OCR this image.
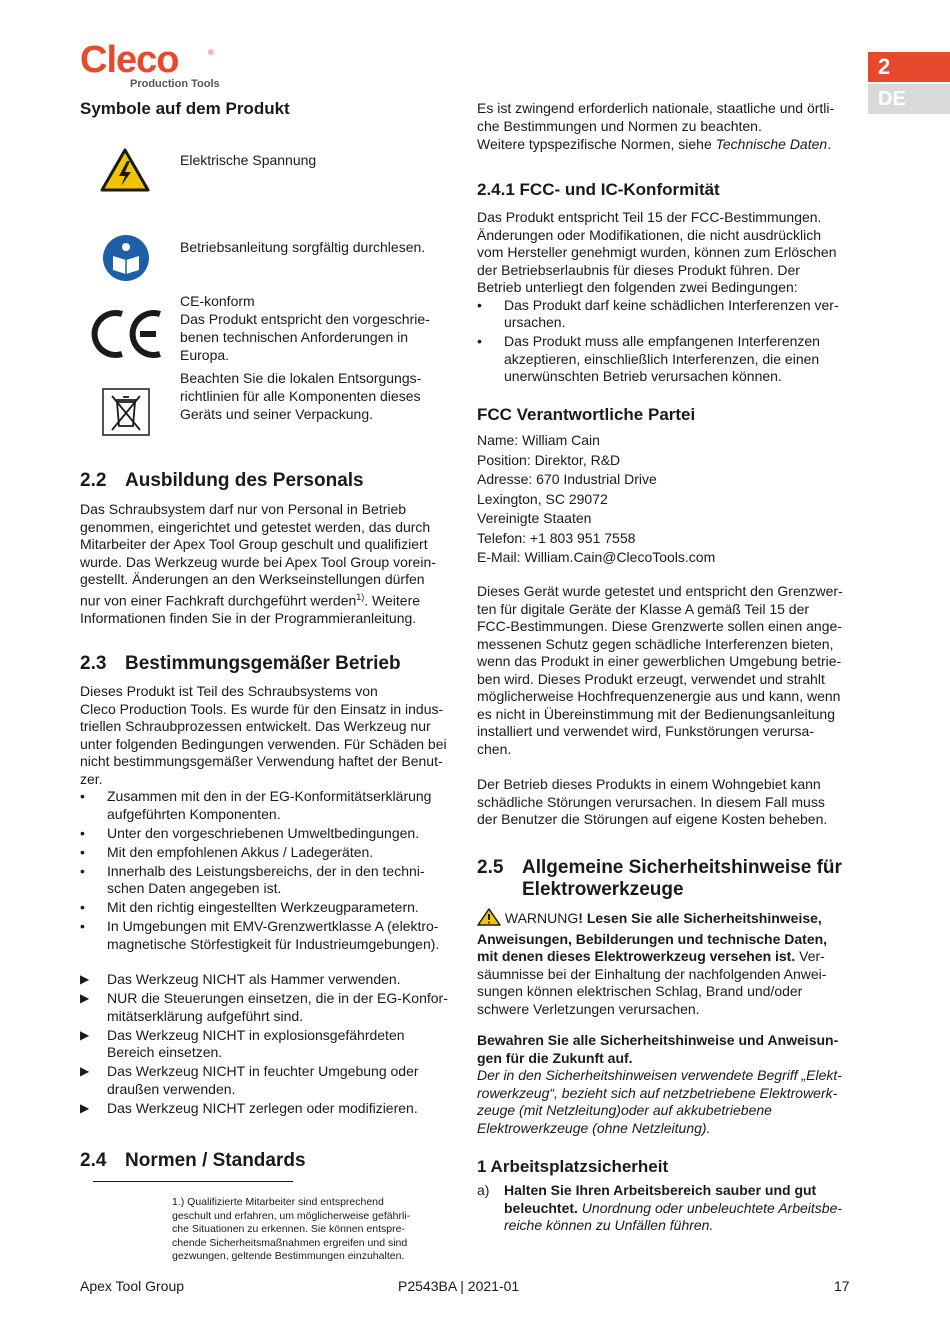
Cleco	®
Production Tools
2
DE
Symbole auf dem Produkt
Elektrische Spannung
Betriebsanleitung sorgfältig durchlesen.

CE-konform

Das Produkt entspricht den vorgeschrie-

benen technischen Anforderungen in

Europa.

Beachten Sie die lokalen Entsorgungs-

richtlinien für alle Komponenten dieses

Geräts und seiner Verpackung.

2.2 Ausbildung des Personals

Das Schraubsystem darf nur von Personal in Betrieb

genommen, eingerichtet und getestet werden, das durch

Mitarbeiter der Apex Tool Group geschult und qualifiziert

wurde. Das Werkzeug wurde bei Apex Tool Group vorein-

gestellt. Änderungen an den Werkseinstellungen dürfen

nur von einer Fachkraft durchgeführt werden$^{1)}$. Weitere

Informationen finden Sie in der Programmieranleitung.

2.3 Bestimmungsgemäßer Betrieb

Dieses Produkt ist Teil des Schraubsystems von

Cleco Production Tools. Es wurde für den Einsatz in indus-

triellen Schraubprozessen entwickelt. Das Werkzeug nur

unter folgenden Bedingungen verwenden. Für Schäden bei

nicht bestimmungsgemäßer Verwendung haftet der Benut-

zer.

•	Zusammen mit den in der EG-Konformitätserklärung

aufgeführten Komponenten.

•	Unter den vorgeschriebenen Umweltbedingungen.
•	Mit den empfohlenen Akkus / Ladegeräten.
•	Innerhalb des Leistungsbereichs, der in den techni-

schen Daten angegeben ist.

•	Mit den richtig eingestellten Werkzeugparametern.
•	In Umgebungen mit EMV-Grenzwertklasse A (elektro-

magnetische Störfestigkeit für Industrieumgebungen).

▶	Das Werkzeug NICHT als Hammer verwenden.
▶	NUR die Steuerungen einsetzen, die in der EG-Konfor-

mitätserklärung aufgeführt sind.

▶	Das Werkzeug NICHT in explosionsgefährdeten

Bereich einsetzen.

▶	Das Werkzeug NICHT in feuchter Umgebung oder

draußen verwenden.

▶	Das Werkzeug NICHT zerlegen oder modifizieren.
2.4 Normen / Standards

1.) Qualifizierte Mitarbeiter sind entsprechend

geschult und erfahren, um möglicherweise gefährli-

che Situationen zu erkennen. Sie können entspre-

chende Sicherheitsmaßnahmen ergreifen und sind

gezwungen, geltende Bestimmungen einzuhalten.

Es ist zwingend erforderlich nationale, staatliche und örtli-

che Bestimmungen und Normen zu beachten.

Weitere typspezifische Normen, siehe Technische Daten.

2.4.1 FCC- und IC-Konformität

Das Produkt entspricht Teil 15 der FCC-Bestimmungen.

Änderungen oder Modifikationen, die nicht ausdrücklich

vom Hersteller genehmigt wurden, können zum Erlöschen

der Betriebserlaubnis für dieses Produkt führen. Der

Betrieb unterliegt den folgenden zwei Bedingungen:

•	Das Produkt darf keine schädlichen Interferenzen ver-

ursachen.

•	Das Produkt muss alle empfangenen Interferenzen

akzeptieren, einschließlich Interferenzen, die einen

unerwünschten Betrieb verursachen können.

FCC Verantwortliche Partei

Name: William Cain

Position: Direktor, R&D

Adresse: 670 Industrial Drive

Lexington, SC 29072

Vereinigte Staaten

Telefon: +1 803 951 7558

E-Mail: William.Cain@ClecoTools.com

Dieses Gerät wurde getestet und entspricht den Grenzwer-

ten für digitale Geräte der Klasse A gemäß Teil 15 der

FCC-Bestimmungen. Diese Grenzwerte sollen einen ange-

messenen Schutz gegen schädliche Interferenzen bieten,

wenn das Produkt in einer gewerblichen Umgebung betrie-

ben wird. Dieses Produkt erzeugt, verwendet und strahlt

möglicherweise Hochfrequenzenergie aus und kann, wenn

es nicht in Übereinstimmung mit der Bedienungsanleitung

installiert und verwendet wird, Funkstörungen verursa-

chen.

Der Betrieb dieses Produkts in einem Wohngebiet kann

schädliche Störungen verursachen. In diesem Fall muss

der Benutzer die Störungen auf eigene Kosten beheben.

2.5 Allgemeine Sicherheitshinweise für

Elektrowerkzeuge

WARNUNG! Lesen Sie alle Sicherheitshinweise,

Anweisungen, Bebilderungen und technische Daten,

mit denen dieses Elektrowerkzeug versehen ist. Ver-

säumnisse bei der Einhaltung der nachfolgenden Anwei-

sungen können elektrischen Schlag, Brand und/oder

schwere Verletzungen verursachen.

Bewahren Sie alle Sicherheitshinweise und Anweisun-

gen für die Zukunft auf.

Der in den Sicherheitshinweisen verwendete Begriff „Elekt-

rowerkzeug“, bezieht sich auf netzbetriebene Elektrowerk-

zeuge (mit Netzleitung)oder auf akkubetriebene

Elektrowerkzeuge (ohne Netzleitung).

1 Arbeitsplatzsicherheit
a)	Halten Sie Ihren Arbeitsbereich sauber und gut

beleuchtet. Unordnung oder unbeleuchtete Arbeitsbe-

reiche können zu Unfällen führen.

Apex Tool Group	P2543BA | 2021-01	17
